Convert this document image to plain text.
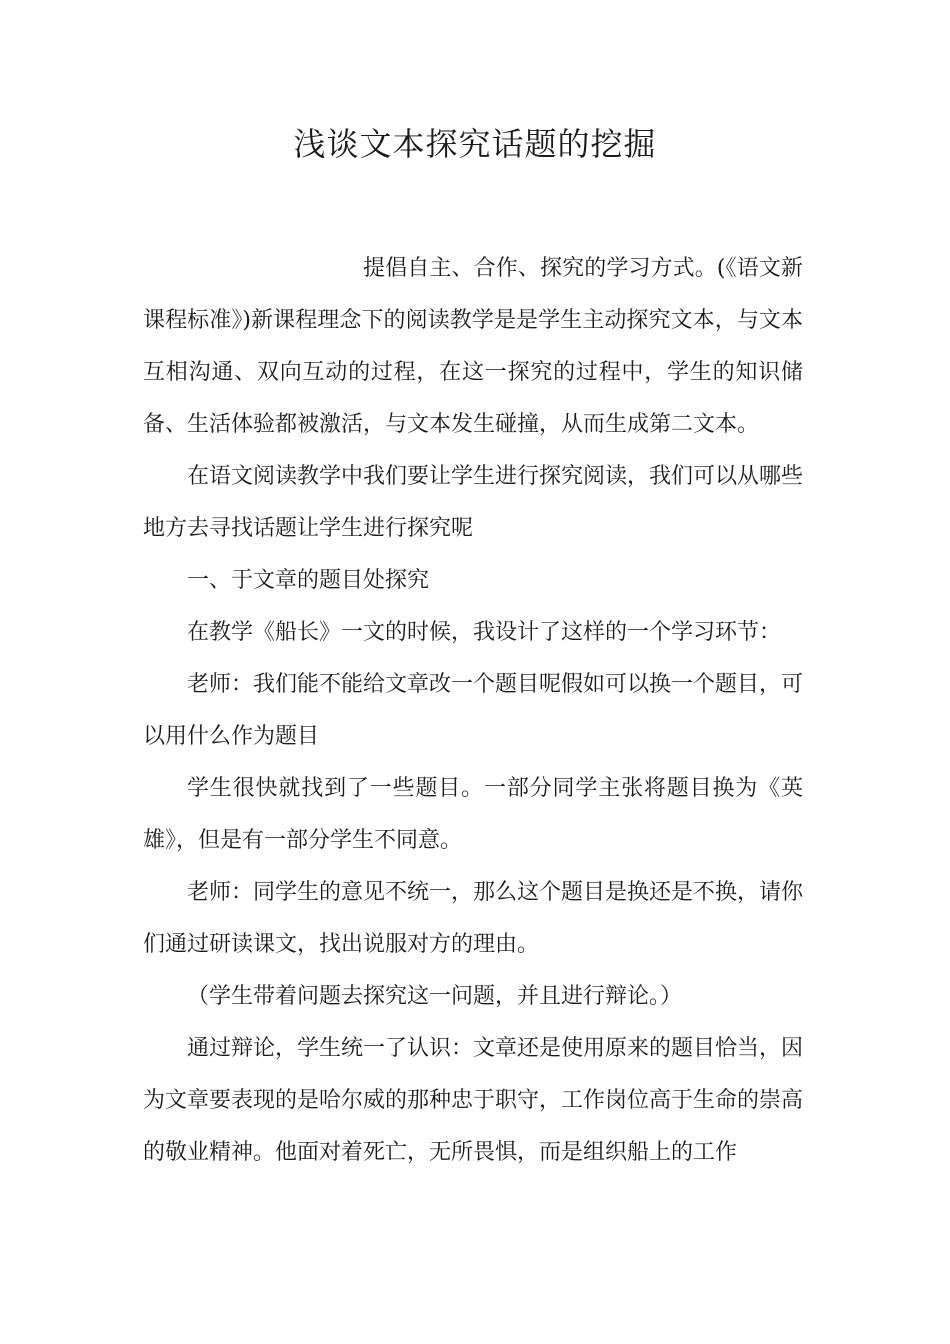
浅谈文本探究话题的挖掘

提倡自主、合作、探究的学习方式。(《语文新课程标准》)新课程理念下的阅读教学是是学生主动探究文本，与文本互相沟通、双向互动的过程，在这一探究的过程中，学生的知识储备、生活体验都被激活，与文本发生碰撞，从而生成第二文本。

在语文阅读教学中我们要让学生进行探究阅读，我们可以从哪些地方去寻找话题让学生进行探究呢

一、于文章的题目处探究

在教学《船长》一文的时候，我设计了这样的一个学习环节：

老师：我们能不能给文章改一个题目呢假如可以换一个题目，可以用什么作为题目

学生很快就找到了一些题目。一部分同学主张将题目换为《英雄》，但是有一部分学生不同意。

老师：同学生的意见不统一，那么这个题目是换还是不换，请你们通过研读课文，找出说服对方的理由。

（学生带着问题去探究这一问题，并且进行辩论。）

通过辩论，学生统一了认识：文章还是使用原来的题目恰当，因为文章要表现的是哈尔威的那种忠于职守，工作岗位高于生命的崇高的敬业精神。他面对着死亡，无所畏惧，而是组织船上的工作
